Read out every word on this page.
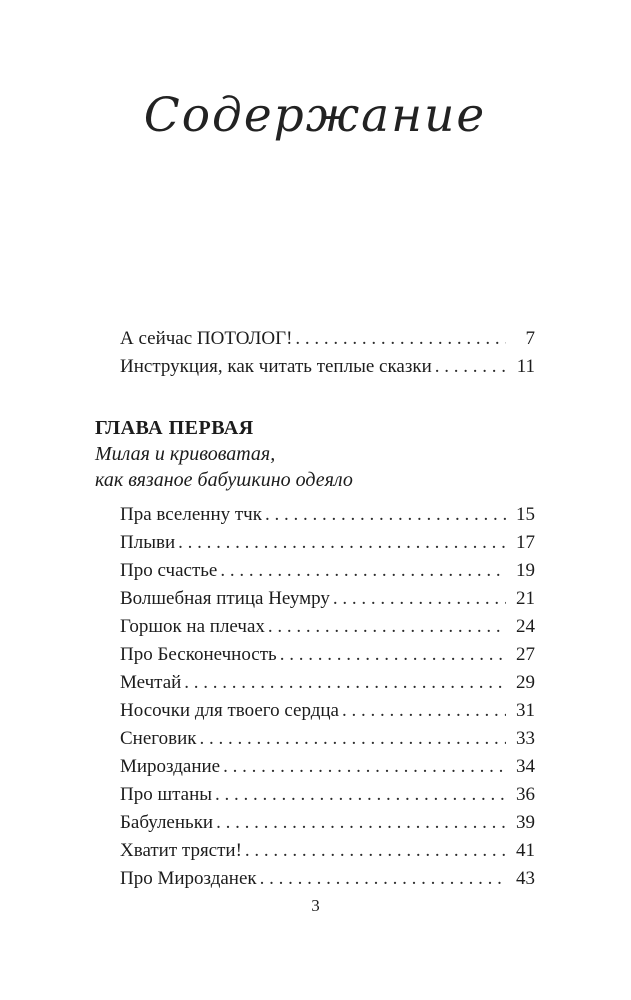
Содержание
А сейчас ПОТОЛОГ! . . .	7
Инструкция, как читать теплые сказки . . .	11
ГЛАВА ПЕРВАЯ
Милая и кривоватая,
как вязаное бабушкино одеяло
Пра вселенну тчк . . .	15
Плыви . . .	17
Про счастье . . .	19
Волшебная птица Неумру . . .	21
Горшок на плечах . . .	24
Про Бесконечность . . .	27
Мечтай . . .	29
Носочки для твоего сердца . . .	31
Снеговик . . .	33
Мироздание . . .	34
Про штаны . . .	36
Бабуленьки . . .	39
Хватит трясти! . . .	41
Про Мирозданек . . .	43
3
